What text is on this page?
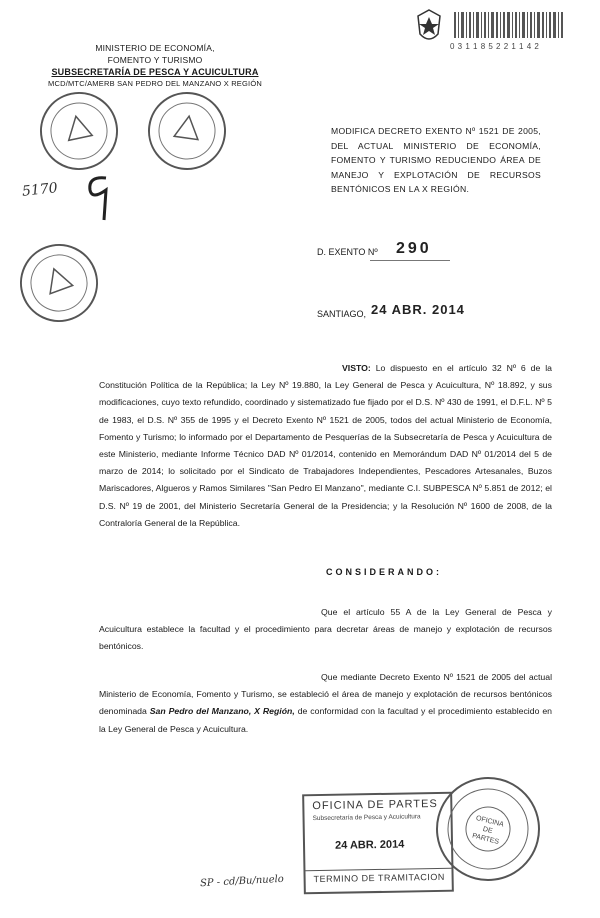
0 3 1 1 8 5 2 2 1 1 4 2
MINISTERIO DE ECONOMÍA,
FOMENTO Y TURISMO
SUBSECRETARÍA DE PESCA Y ACUICULTURA
MCD/MTC/AMERB SAN PEDRO DEL MANZANO X REGIÓN
5170
MODIFICA DECRETO EXENTO Nº 1521 DE 2005, DEL ACTUAL MINISTERIO DE ECONOMÍA, FOMENTO Y TURISMO REDUCIENDO ÁREA DE MANEJO Y EXPLOTACIÓN DE RECURSOS BENTÓNICOS EN LA X REGIÓN.
D. EXENTO Nº 290
SANTIAGO, 24 ABR. 2014
VISTO: Lo dispuesto en el artículo 32 Nº 6 de la Constitución Política de la República; la Ley Nº 19.880, la Ley General de Pesca y Acuicultura, Nº 18.892, y sus modificaciones, cuyo texto refundido, coordinado y sistematizado fue fijado por el D.S. Nº 430 de 1991, el D.F.L. Nº 5 de 1983, el D.S. Nº 355 de 1995 y el Decreto Exento Nº 1521 de 2005, todos del actual Ministerio de Economía, Fomento y Turismo; lo informado por el Departamento de Pesquerías de la Subsecretaría de Pesca y Acuicultura de este Ministerio, mediante Informe Técnico DAD Nº 01/2014, contenido en Memorándum DAD Nº 01/2014 del 5 de marzo de 2014; lo solicitado por el Sindicato de Trabajadores Independientes, Pescadores Artesanales, Buzos Mariscadores, Algueros y Ramos Similares "San Pedro El Manzano", mediante C.I. SUBPESCA Nº 5.851 de 2012; el D.S. Nº 19 de 2001, del Ministerio Secretaría General de la Presidencia; y la Resolución Nº 1600 de 2008, de la Contraloría General de la República.
CONSIDERANDO:
Que el artículo 55 A de la Ley General de Pesca y Acuicultura establece la facultad y el procedimiento para decretar áreas de manejo y explotación de recursos bentónicos.
Que mediante Decreto Exento Nº 1521 de 2005 del actual Ministerio de Economía, Fomento y Turismo, se estableció el área de manejo y explotación de recursos bentónicos denominada San Pedro del Manzano, X Región, de conformidad con la facultad y el procedimiento establecido en la Ley General de Pesca y Acuicultura.
OFICINA DE PARTES
Subsecretaría de Pesca y Acuicultura
24 ABR. 2014
TERMINO DE TRAMITACION
OFICINA DE PARTES
SP - cd/Bu/nuelo
